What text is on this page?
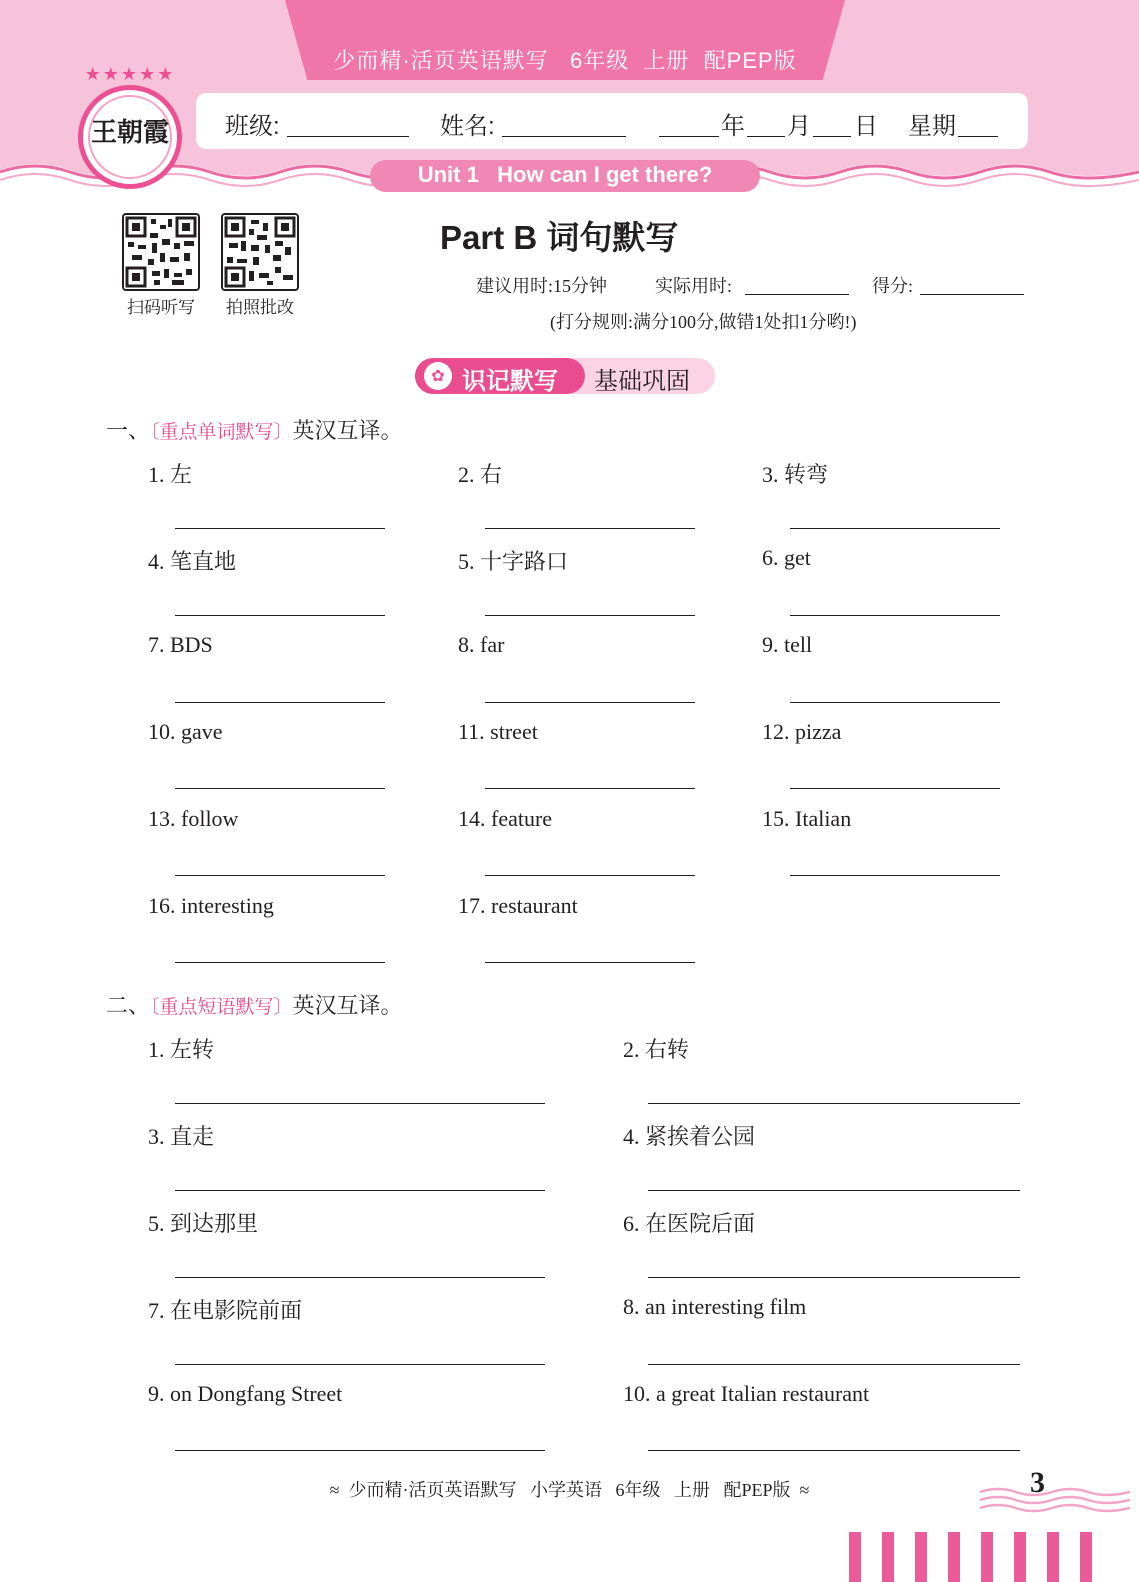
少而精·活页英语默写   6年级  上册  配PEP版
班级:	姓名:	年 月 日 星期
Unit 1   How can I get there?
★★★★★
王朝霞
扫码听写	拍照批改
Part B 词句默写
建议用时:15分钟	实际用时:	得分:
(打分规则:满分100分,做错1处扣1分哟!)
✿ 识记默写 基础巩固
一、〔重点单词默写〕英汉互译。
1. 左	2. 右	3. 转弯
4. 笔直地	5. 十字路口	6. get
7. BDS	8. far	9. tell
10. gave	11. street	12. pizza
13. follow	14. feature	15. Italian
16. interesting	17. restaurant
二、〔重点短语默写〕英汉互译。
1. 左转	2. 右转
3. 直走	4. 紧挨着公园
5. 到达那里	6. 在医院后面
7. 在电影院前面	8. an interesting film
9. on Dongfang Street	10. a great Italian restaurant
≈  少而精·活页英语默写   小学英语   6年级   上册   配PEP版  ≈	3
